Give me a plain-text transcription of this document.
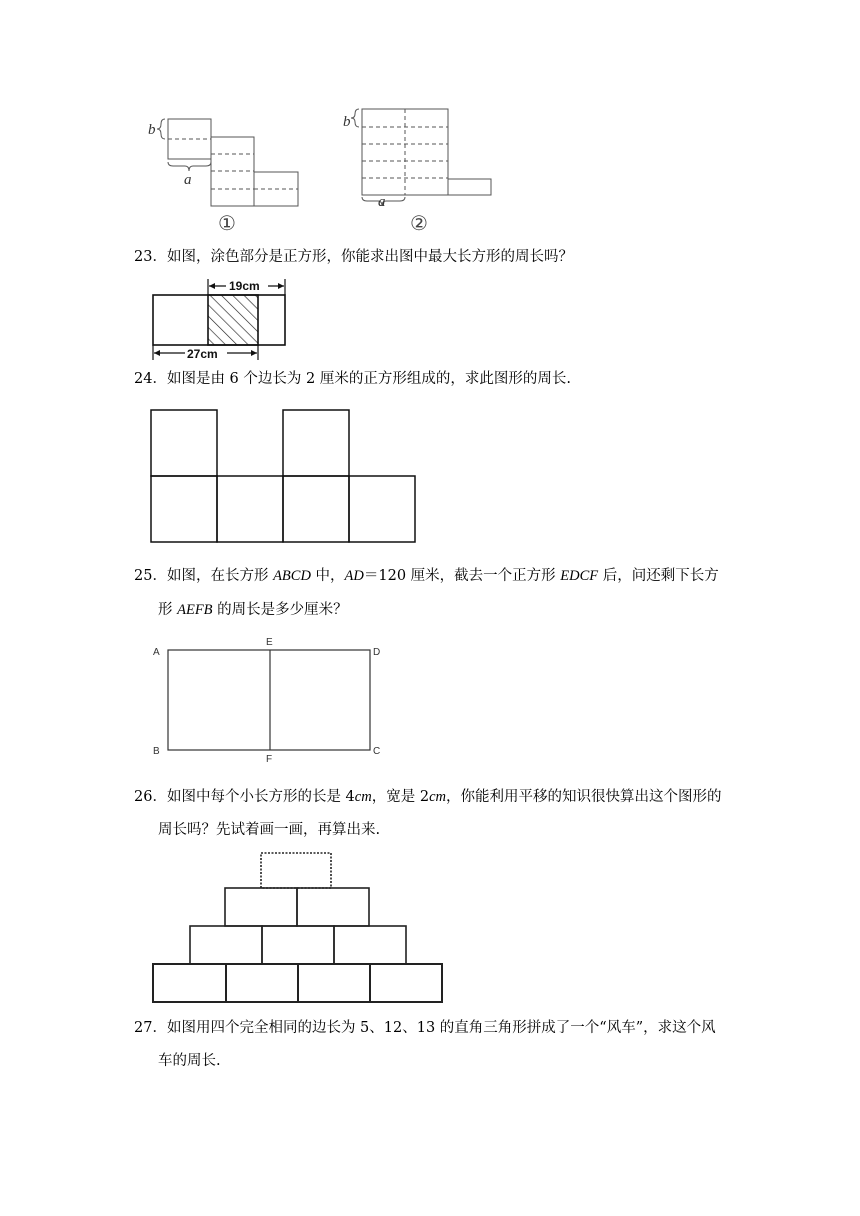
b
a
b
a
①	②
23．如图，涂色部分是正方形，你能求出图中最大长方形的周长吗？
19cm
27cm
24．如图是由 6 个边长为 2 厘米的正方形组成的，求此图形的周长.
25．如图，在长方形 ABCD 中，AD＝120 厘米，截去一个正方形 EDCF 后，问还剩下长方
形 AEFB 的周长是多少厘米？
A
E
D
B
F
C
26．如图中每个小长方形的长是 4cm，宽是 2cm，你能利用平移的知识很快算出这个图形的
周长吗？先试着画一画，再算出来.
27．如图用四个完全相同的边长为 5、12、13 的直角三角形拼成了一个“风车”，求这个风
车的周长.
